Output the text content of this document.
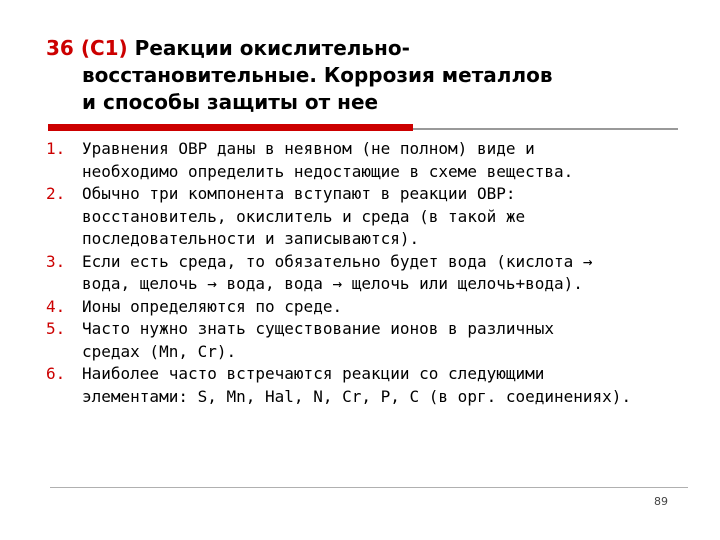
36 (С1) Реакции окислительно-
восстановительные. Коррозия металлов
и способы защиты от нее
1. Уравнения ОВР даны в неявном (не полном) виде и
необходимо определить недостающие в схеме вещества.
2. Обычно три компонента вступают в реакции ОВР:
восстановитель, окислитель и среда (в такой же
последовательности и записываются).
3. Если есть среда, то обязательно будет вода (кислота →
вода, щелочь → вода, вода → щелочь или щелочь+вода).
4. Ионы определяются по среде.
5. Часто нужно знать существование ионов в различных
средах (Mn, Cr).
6. Наиболее часто встречаются реакции со следующими
элементами: S, Mn, Hal, N, Cr, P, C (в орг. соединениях).
89
